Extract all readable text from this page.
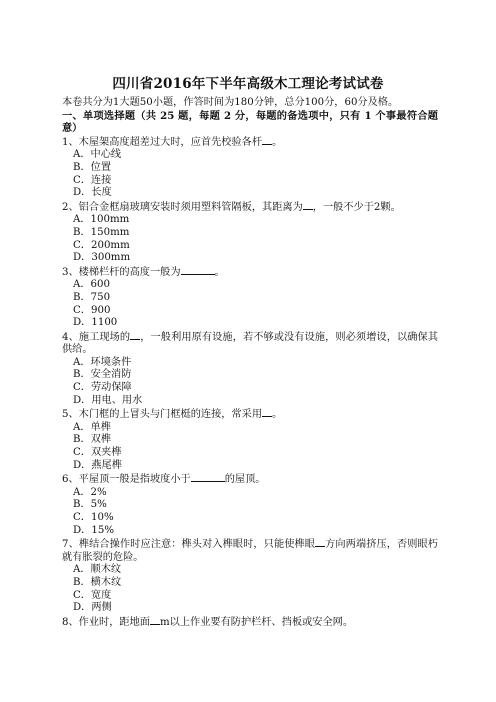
四川省2016年下半年高级木工理论考试试卷
本卷共分为1大题50小题，作答时间为180分钟，总分100分，60分及格。
一、单项选择题（共 25 题，每题 2 分，每题的备选项中，只有 1 个事最符合题意）
1、木屋架高度超差过大时，应首先校验各杆 。
A．中心线
B．位置
C．连接
D．长度
2、铝合金框扇玻璃安装时须用塑料管隔板，其距离为 ，一般不少于2颗。
A．100mm
B．150mm
C．200mm
D．300mm
3、楼梯栏杆的高度一般为	。
A．600
B．750
C．900
D．1100
4、施工现场的 ，一般利用原有设施，若不够或没有设施，则必须增设，以确保其供给。
A．环境条件
B．安全消防
C．劳动保障
D．用电、用水
5、木门框的上冒头与门框梃的连接，常采用 。
A．单榫
B．双榫
C．双夹榫
D．燕尾榫
6、平屋顶一般是指坡度小于	的屋顶。
A．2%
B．5%
C．10%
D．15%
7、榫结合操作时应注意：榫头对入榫眼时，只能使榫眼 方向两端挤压，否则眼朽就有胀裂的危险。
A．顺木纹
B．横木纹
C．宽度
D．两侧
8、作业时，距地面 m以上作业要有防护栏杆、挡板或安全网。
